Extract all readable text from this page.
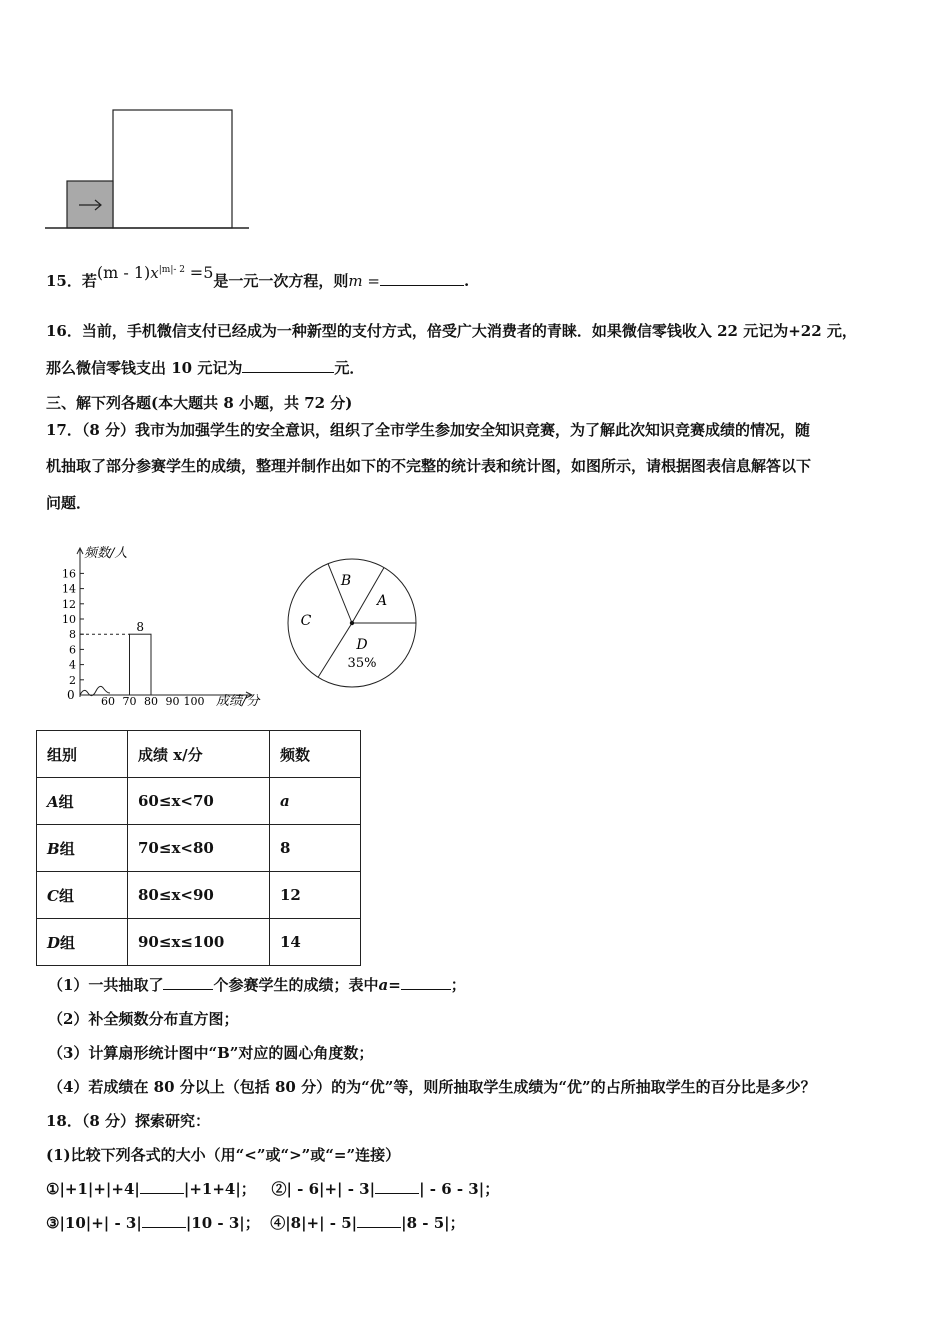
15．若$(m - 1)x^{|m|- 2} =5$是一元一次方程，则m =	.
16．当前，手机微信支付已经成为一种新型的支付方式，倍受广大消费者的青睐．如果微信零钱收入 22 元记为+22 元，
那么微信零钱支出 10 元记为	元．
三、解下列各题(本大题共 8 小题，共 72 分)
17．（8 分）我市为加强学生的安全意识，组织了全市学生参加安全知识竞赛，为了解此次知识竞赛成绩的情况，随
机抽取了部分参赛学生的成绩，整理并制作出如下的不完整的统计表和统计图，如图所示，请根据图表信息解答以下
问题．
频数/人
成绩/分
0
2
4
6
8
10
12
14
16
60 70 80 90 100
8
A
B
C
D
35%
组别	成绩 x/分	频数
A组	60≤x<70	a
B组	70≤x<80	8
C组	80≤x<90	12
D组	90≤x≤100	14
（1）一共抽取了	个参赛学生的成绩；表中a=	；
（2）补全频数分布直方图；
（3）计算扇形统计图中“B”对应的圆心角度数；
（4）若成绩在 80 分以上（包括 80 分）的为“优”等，则所抽取学生成绩为“优”的占所抽取学生的百分比是多少？
18．（8 分）探索研究：
(1)比较下列各式的大小（用“<”或“>”或“=”连接）
①|+1|+|+4|	|+1+4|； ②| - 6|+| - 3|	| - 6 - 3|；
③|10|+| - 3|	|10 - 3|； ④|8|+| - 5|	|8 - 5|；
